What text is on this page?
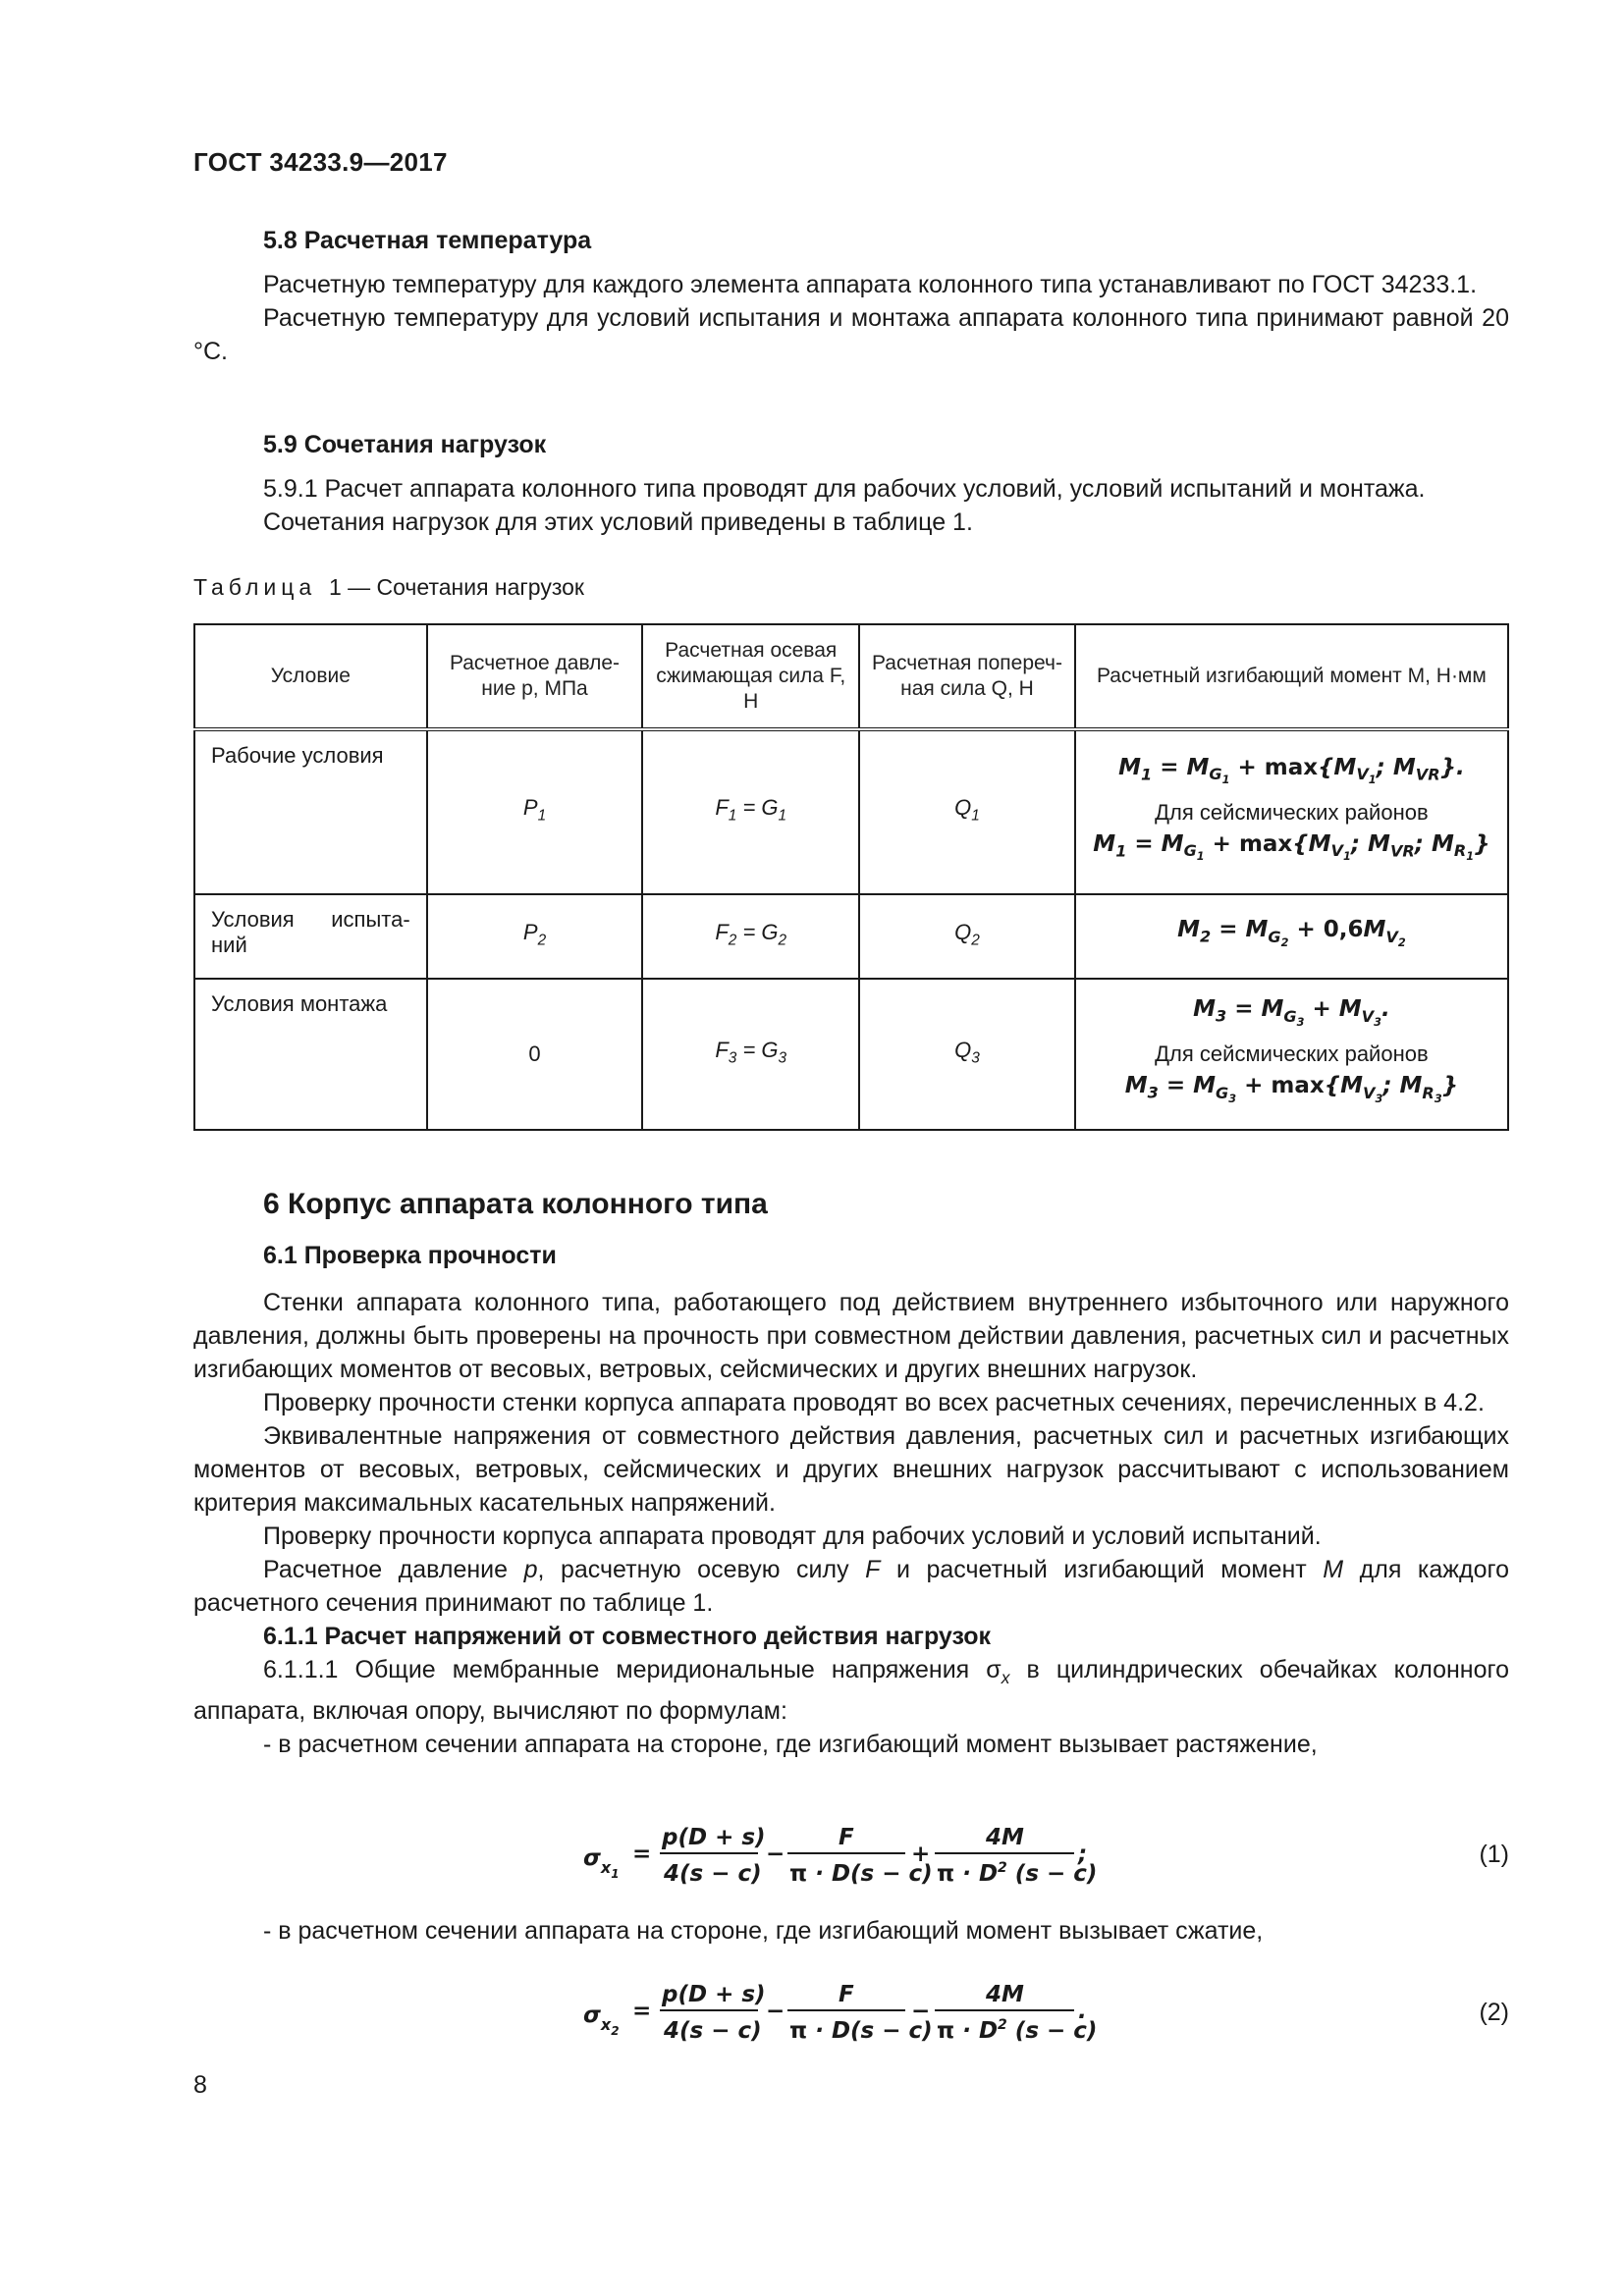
ГОСТ 34233.9—2017
5.8 Расчетная температура

Расчетную температуру для каждого элемента аппарата колонного типа устанавливают по ГОСТ 34233.1.

Расчетную температуру для условий испытания и монтажа аппарата колонного типа принимают равной 20 °С.

5.9 Сочетания нагрузок

5.9.1 Расчет аппарата колонного типа проводят для рабочих условий, условий испытаний и монтажа.

Сочетания нагрузок для этих условий приведены в таблице 1.

Таблица 1 — Сочетания нагрузок
Условие	Расчетное давле-ние p, МПа	Расчетная осевая сжимающая сила F, Н	Расчетная попереч-ная сила Q, Н	Расчетный изгибающий момент M, Н·мм
Рабочие условия	$P_1$	$F_1 = G_1$	$Q_1$	$M_1 = M_{G_1} + \max\{M_{V_1}$; $M_{VR}$}.
Для сейсмических районов
$M_1 = M_{G_1} + \max\{M_{V_1}$; $M_{VR}$; $M_{R_1}$}

Условия испыта-ний	$P_2$	$F_2 = G_2$	$Q_2$	$M_2 = M_{G_2} + 0,6M_{V_2}$

Условия монтажа	0	$F_3 = G_3$	$Q_3$	$M_3 = M_{G_3} + M_{V_3}$.
Для сейсмических районов
$M_3 = M_{G_3} + \max\{M_{V_3}$; $M_{R_3}$}
6 Корпус аппарата колонного типа
6.1 Проверка прочности

Стенки аппарата колонного типа, работающего под действием внутреннего избыточного или наружного давления, должны быть проверены на прочность при совместном действии давления, расчетных сил и расчетных изгибающих моментов от весовых, ветровых, сейсмических и других внешних нагрузок.

Проверку прочности стенки корпуса аппарата проводят во всех расчетных сечениях, перечисленных в 4.2.

Эквивалентные напряжения от совместного действия давления, расчетных сил и расчетных изгибающих моментов от весовых, ветровых, сейсмических и других внешних нагрузок рассчитывают с использованием критерия максимальных касательных напряжений.

Проверку прочности корпуса аппарата проводят для рабочих условий и условий испытаний.

Расчетное давление p, расчетную осевую силу F и расчетный изгибающий момент M для каждого расчетного сечения принимают по таблице 1.

6.1.1 Расчет напряжений от совместного действия нагрузок

6.1.1.1 Общие мембранные меридиональные напряжения $\sigma_x$ в цилиндрических обечайках колонного аппарата, включая опору, вычисляют по формулам:

- в расчетном сечении аппарата на стороне, где изгибающий момент вызывает растяжение,

$\sigma_{x1}$
=
p(D + s)
4(s − c)
−
F
π · D(s − c)
+
4M
$\pi \cdot D^2$ (s − c)
;	(1)

- в расчетном сечении аппарата на стороне, где изгибающий момент вызывает сжатие,

$\sigma_{x2}$
=
p(D + s)
4(s − c)
−
F
π · D(s − c)
−
4M
$\pi \cdot D^2$ (s − c)
.	(2)
8
